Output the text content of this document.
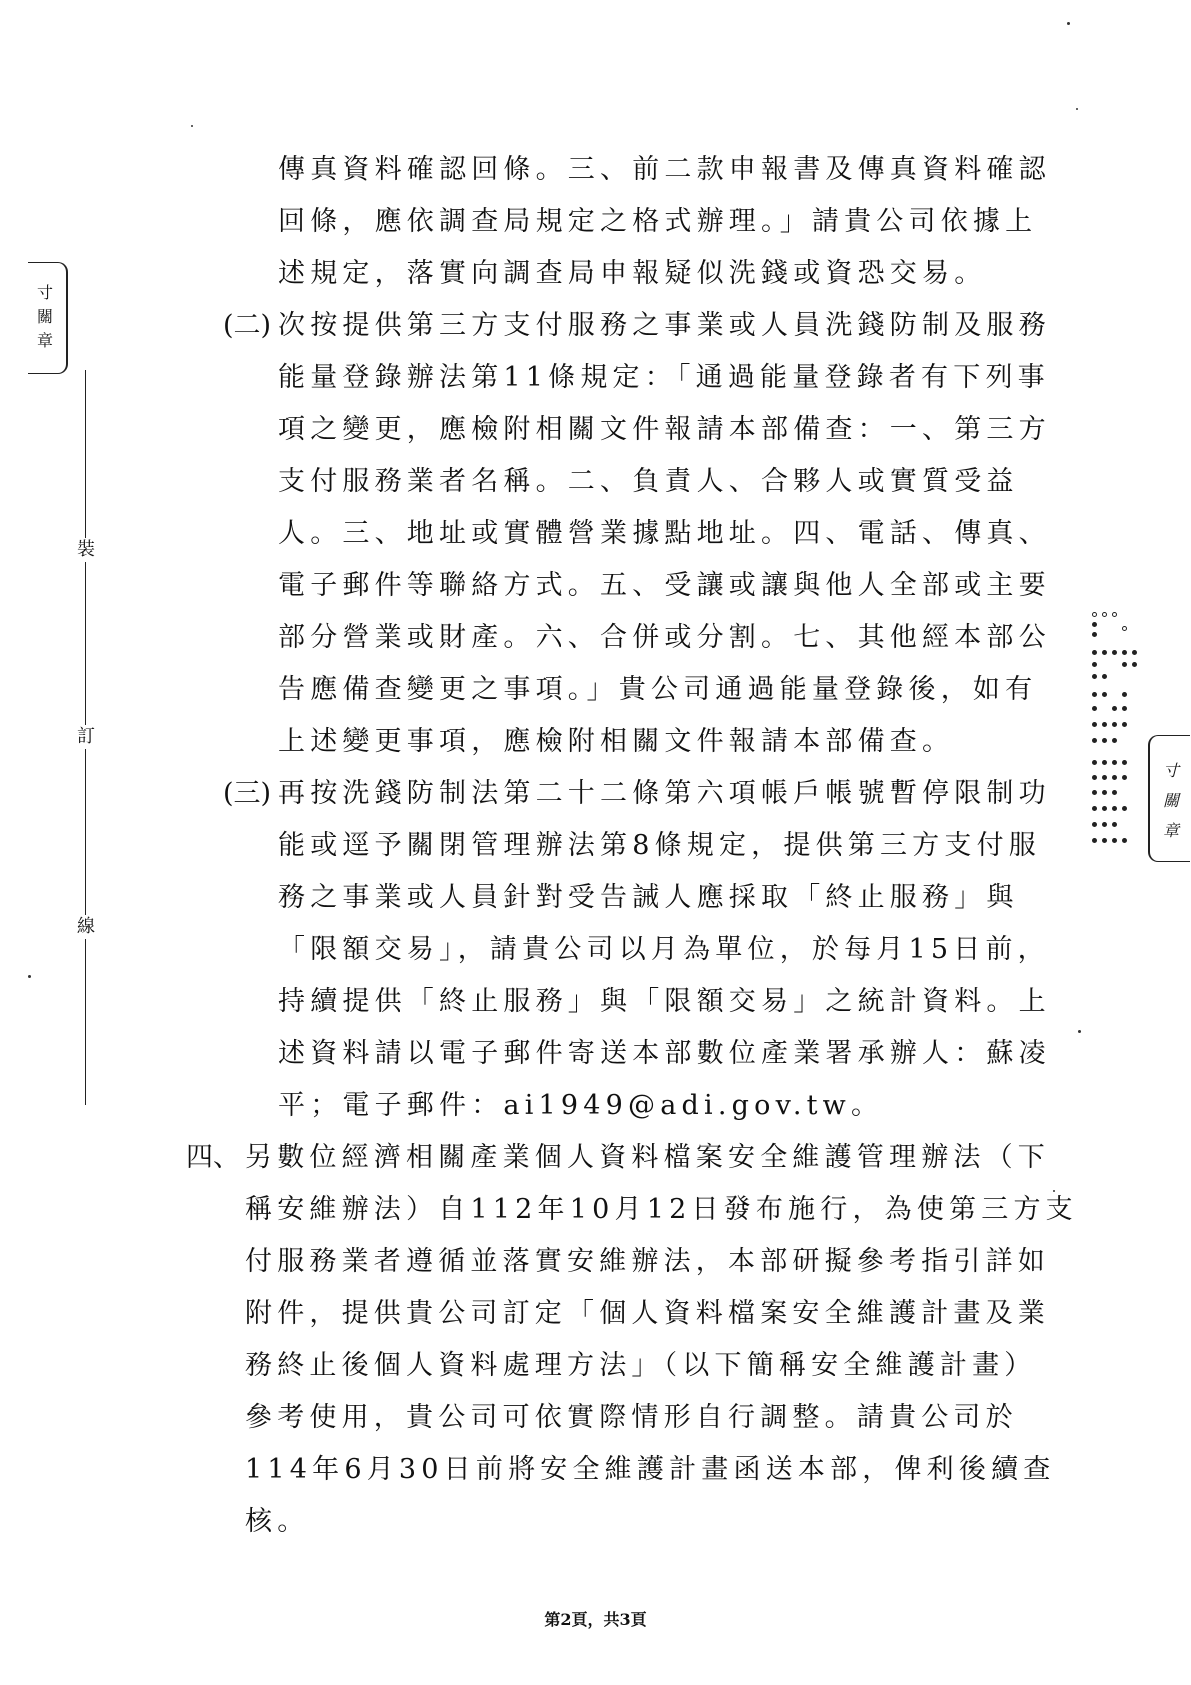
寸
關
章
裝
訂
線
寸
關
章
傳真資料確認回條。三、前二款申報書及傳真資料確認
回條，應依調查局規定之格式辦理。」請貴公司依據上
述規定，落實向調查局申報疑似洗錢或資恐交易。
(二) 次按提供第三方支付服務之事業或人員洗錢防制及服務
能量登錄辦法第11條規定：「通過能量登錄者有下列事
項之變更，應檢附相關文件報請本部備查：一、第三方
支付服務業者名稱。二、負責人、合夥人或實質受益
人。三、地址或實體營業據點地址。四、電話、傳真、
電子郵件等聯絡方式。五、受讓或讓與他人全部或主要
部分營業或財產。六、合併或分割。七、其他經本部公
告應備查變更之事項。」貴公司通過能量登錄後，如有
上述變更事項，應檢附相關文件報請本部備查。
(三) 再按洗錢防制法第二十二條第六項帳戶帳號暫停限制功
能或逕予關閉管理辦法第8條規定，提供第三方支付服
務之事業或人員針對受告誡人應採取「終止服務」與
「限額交易」，請貴公司以月為單位，於每月15日前，
持續提供「終止服務」與「限額交易」之統計資料。上
述資料請以電子郵件寄送本部數位產業署承辦人：蘇凌
平；電子郵件：ai1949@adi.gov.tw。
四、 另數位經濟相關產業個人資料檔案安全維護管理辦法（下
稱安維辦法）自112年10月12日發布施行，為使第三方支
付服務業者遵循並落實安維辦法，本部研擬參考指引詳如
附件，提供貴公司訂定「個人資料檔案安全維護計畫及業
務終止後個人資料處理方法」（以下簡稱安全維護計畫）
參考使用，貴公司可依實際情形自行調整。請貴公司於
114年6月30日前將安全維護計畫函送本部，俾利後續查
核。
第2頁，共3頁
